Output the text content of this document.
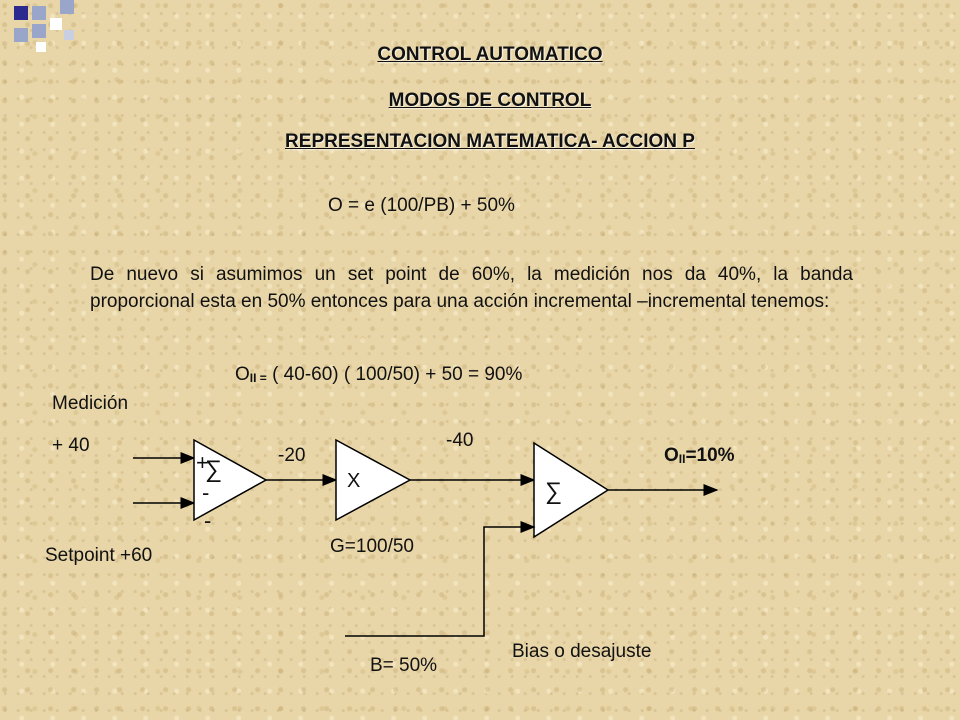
CONTROL AUTOMATICO
MODOS DE CONTROL
REPRESENTACION MATEMATICA- ACCION P
O = e (100/PB) + 50%
De nuevo si asumimos un set point de 60%, la medición nos da 40%, la banda proporcional esta en 50% entonces para una acción incremental –incremental tenemos:
$O_{II =}$ ( 40-60) ( 100/50) + 50 = 90%
Medición
+ 40
Setpoint +60
+
∑
-
-
-20
X
G=100/50
-40
∑
$O_{II}=10\%$
B= 50%
Bias o desajuste
